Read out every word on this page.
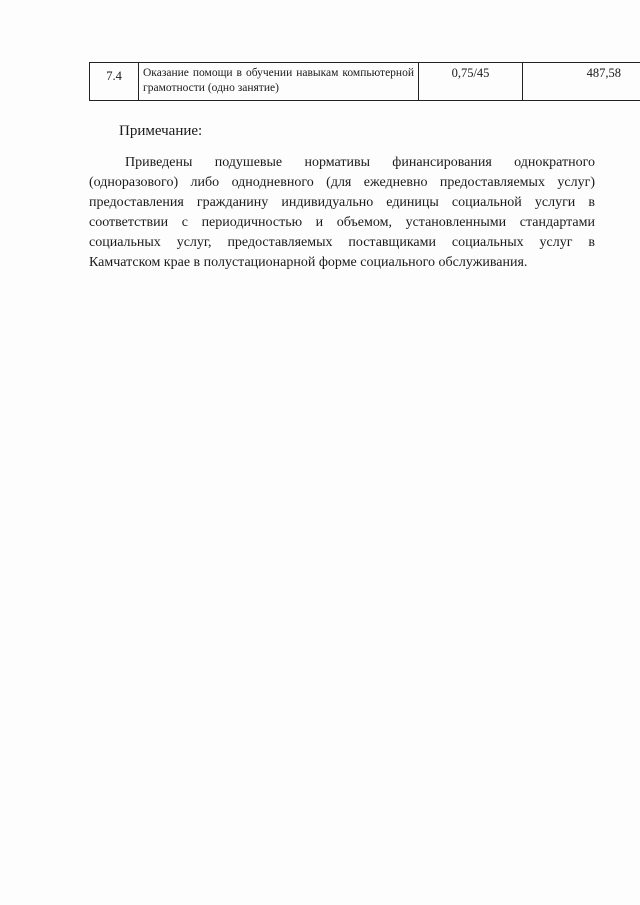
7.4	Оказание помощи в обучении навыкам компьютерной грамотности (одно занятие)	0,75/45	487,58

Примечание:

Приведены подушевые нормативы финансирования однократного (одноразового) либо однодневного (для ежедневно предоставляемых услуг) предоставления гражданину индивидуально единицы социальной услуги в соответствии с периодичностью и объемом, установленными стандартами социальных услуг, предоставляемых поставщиками социальных услуг в Камчатском крае в полустационарной форме социального обслуживания.
